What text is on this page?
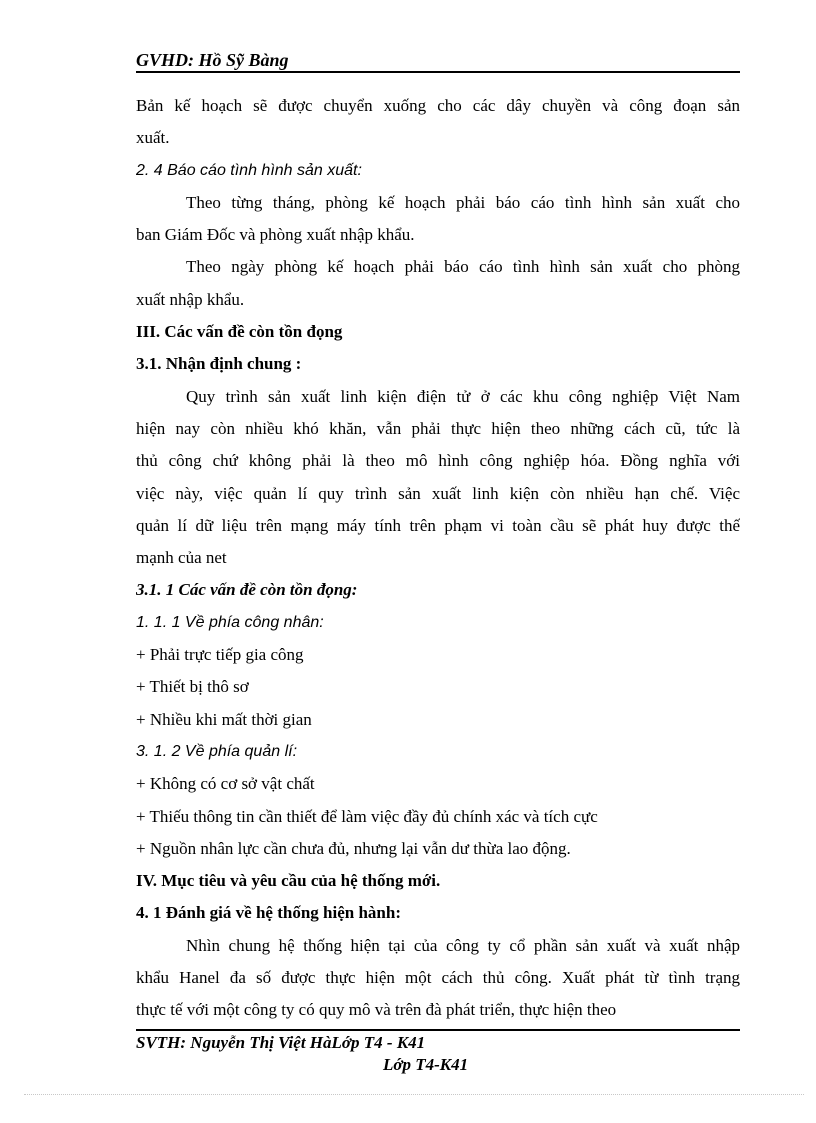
GVHD: Hồ Sỹ Bàng
Bản kế hoạch sẽ được chuyển xuống cho các dây chuyền và công đoạn sản
xuất.
2. 4 Báo cáo tình hình sản xuất:
Theo từng tháng, phòng kế hoạch phải báo cáo tình hình sản xuất cho
ban Giám Đốc và phòng xuất nhập khẩu.
Theo ngày phòng kế hoạch phải báo cáo tình hình sản xuất cho phòng
xuất nhập khẩu.
III. Các vấn đề còn tồn đọng
3.1. Nhận định chung :
Quy trình sản xuất linh kiện điện tử ở các khu công nghiệp Việt Nam
hiện nay còn nhiều khó khăn, vẫn phải thực hiện theo những cách cũ, tức là
thủ công chứ không phải là theo mô hình công nghiệp hóa. Đồng nghĩa với
việc này, việc quản lí quy trình sản xuất linh kiện còn nhiều hạn chế. Việc
quản lí dữ liệu trên mạng máy tính trên phạm vi toàn cầu sẽ phát huy được thế
mạnh của net
3.1. 1 Các vấn đề còn tồn đọng:
1. 1. 1 Về phía công nhân:
+ Phải trực tiếp gia công
+ Thiết bị thô sơ
+ Nhiều khi mất thời gian
3. 1. 2 Về phía quản lí:
+ Không có cơ sở vật chất
+ Thiếu thông tin cần thiết để làm việc đầy đủ chính xác và tích cực
+ Nguồn nhân lực cần chưa đủ, nhưng lại vẫn dư thừa lao động.
IV. Mục tiêu và yêu cầu của hệ thống mới.
4. 1 Đánh giá về hệ thống hiện hành:
Nhìn chung hệ thống hiện tại của công ty cổ phần sản xuất và xuất nhập
khẩu Hanel đa số được thực hiện một cách thủ công. Xuất phát từ tình trạng
thực tế với một công ty có quy mô và trên đà phát triển, thực hiện theo
SVTH: Nguyễn Thị Việt HàLớp T4 - K41
Lớp T4-K41
